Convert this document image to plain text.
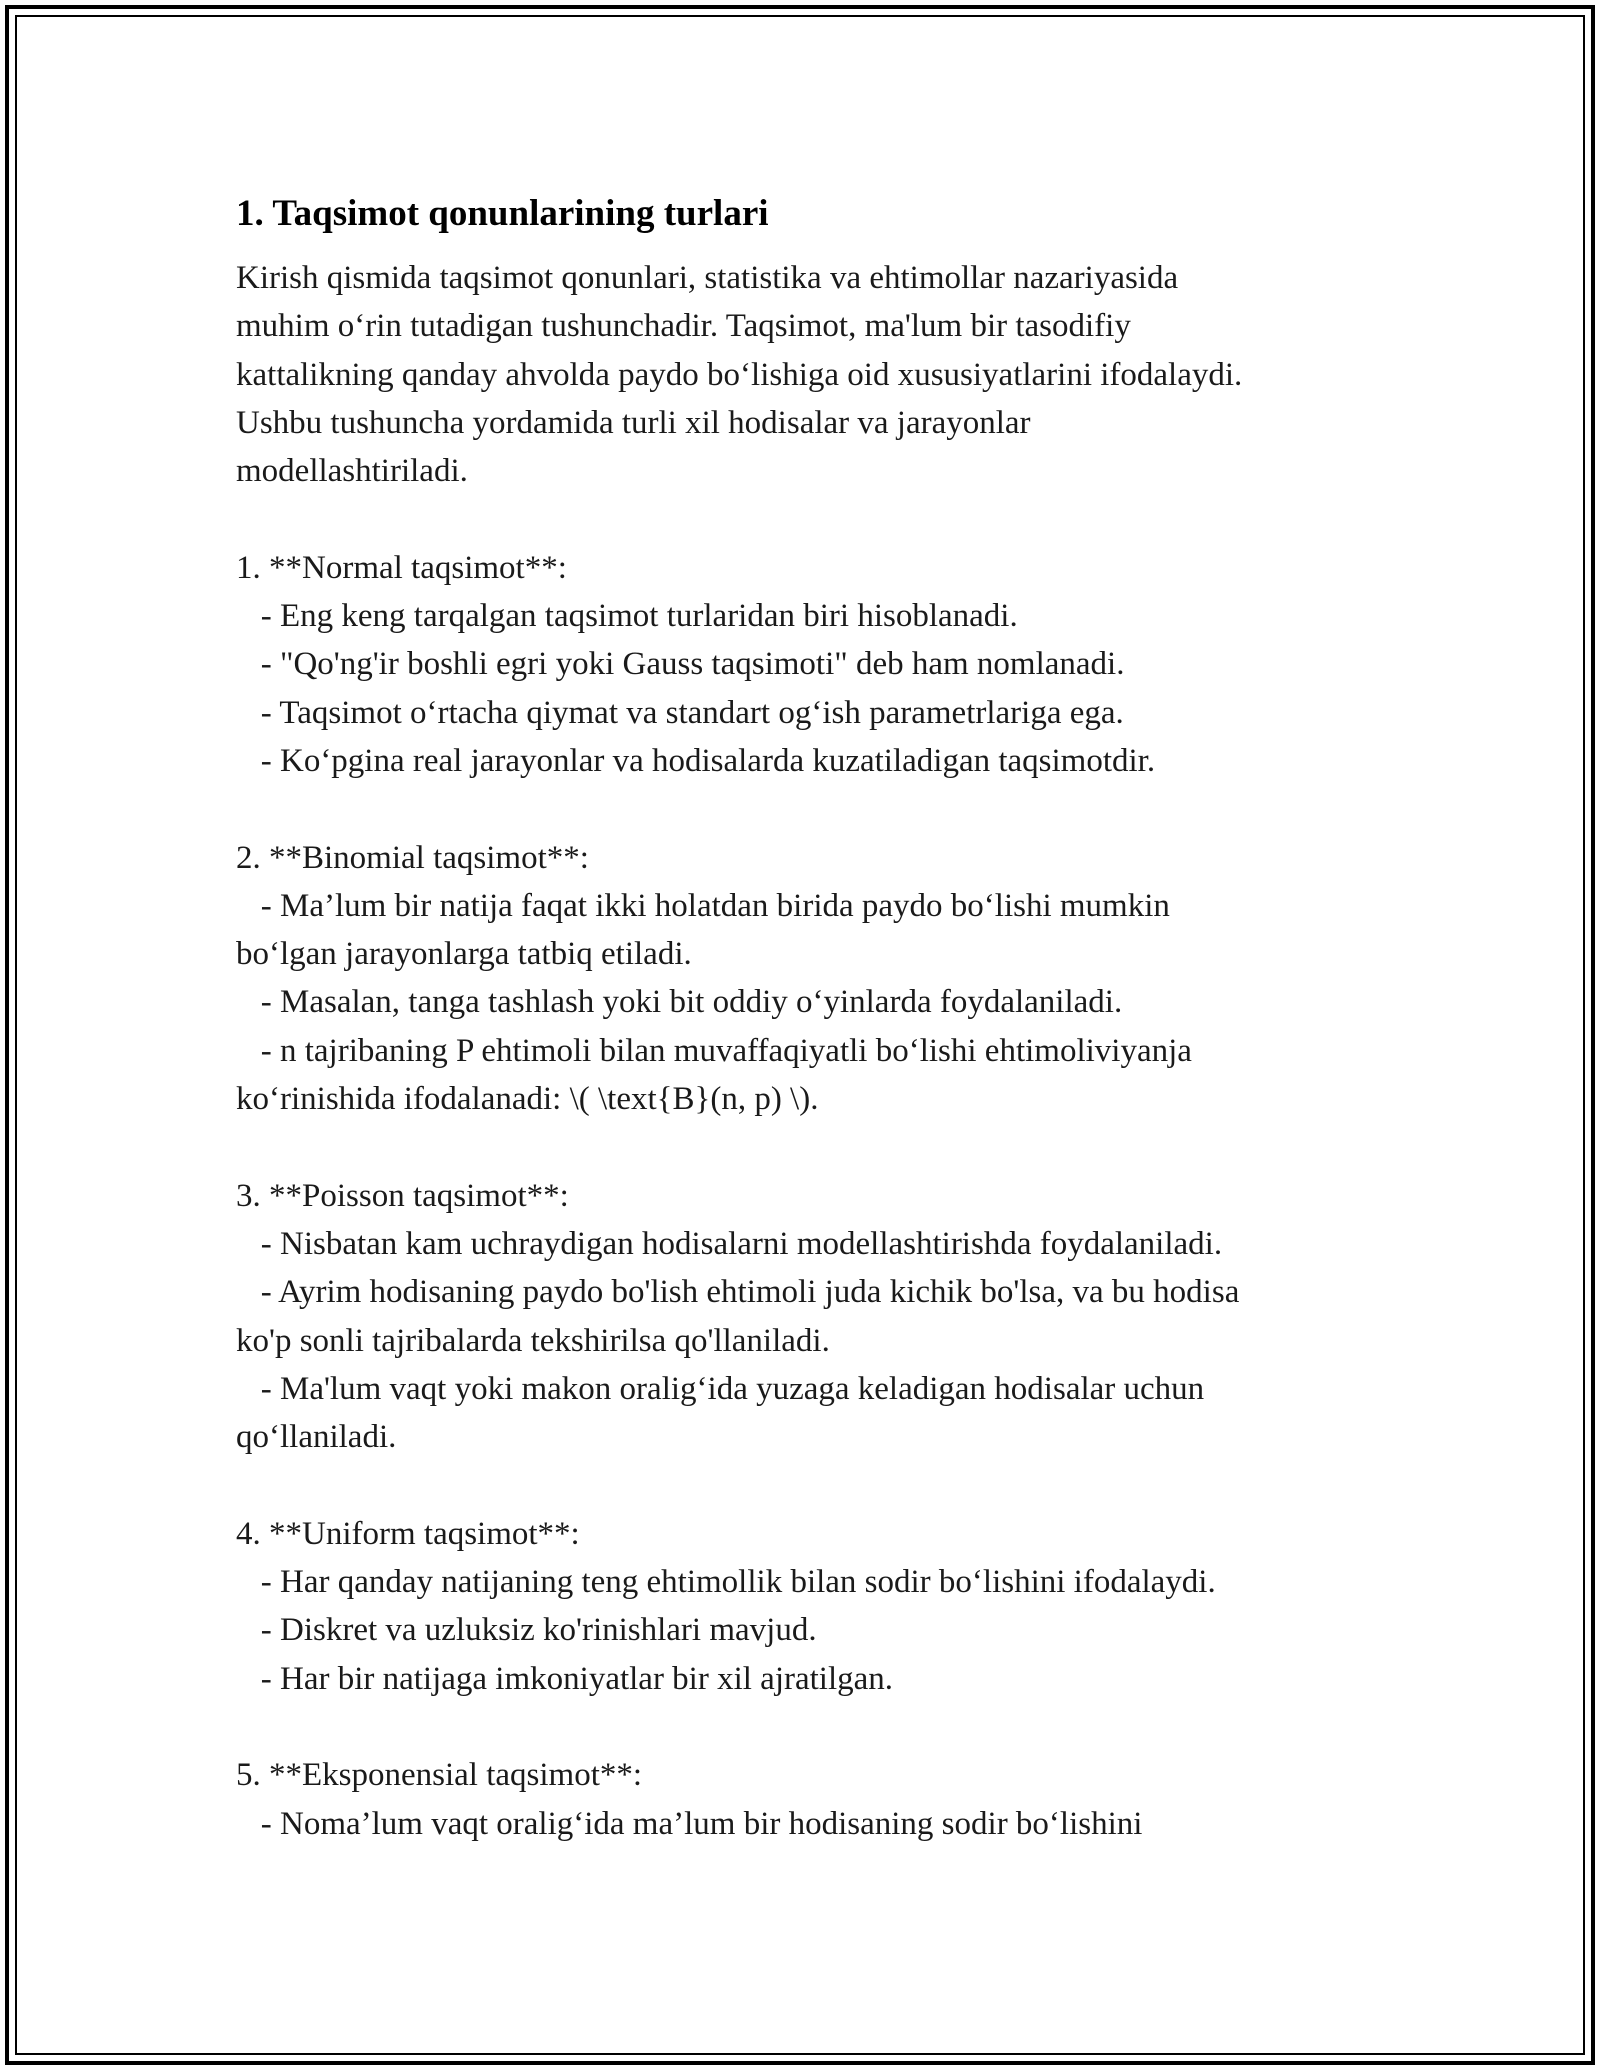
1. Taqsimot qonunlarining turlari
Kirish qismida taqsimot qonunlari, statistika va ehtimollar nazariyasida
muhim o‘rin tutadigan tushunchadir. Taqsimot, ma'lum bir tasodifiy
kattalikning qanday ahvolda paydo bo‘lishiga oid xususiyatlarini ifodalaydi.
Ushbu tushuncha yordamida turli xil hodisalar va jarayonlar
modellashtiriladi.
1. **Normal taqsimot**:
- Eng keng tarqalgan taqsimot turlaridan biri hisoblanadi.
- "Qo'ng'ir boshli egri yoki Gauss taqsimoti" deb ham nomlanadi.
- Taqsimot o‘rtacha qiymat va standart og‘ish parametrlariga ega.
- Ko‘pgina real jarayonlar va hodisalarda kuzatiladigan taqsimotdir.
2. **Binomial taqsimot**:
- Ma’lum bir natija faqat ikki holatdan birida paydo bo‘lishi mumkin
bo‘lgan jarayonlarga tatbiq etiladi.
- Masalan, tanga tashlash yoki bit oddiy o‘yinlarda foydalaniladi.
- n tajribaning P ehtimoli bilan muvaffaqiyatli bo‘lishi ehtimoliviyanja
ko‘rinishida ifodalanadi: \( \text{B}(n, p) \).
3. **Poisson taqsimot**:
- Nisbatan kam uchraydigan hodisalarni modellashtirishda foydalaniladi.
- Ayrim hodisaning paydo bo'lish ehtimoli juda kichik bo'lsa, va bu hodisa
ko'p sonli tajribalarda tekshirilsa qo'llaniladi.
- Ma'lum vaqt yoki makon oralig‘ida yuzaga keladigan hodisalar uchun
qo‘llaniladi.
4. **Uniform taqsimot**:
- Har qanday natijaning teng ehtimollik bilan sodir bo‘lishini ifodalaydi.
- Diskret va uzluksiz ko'rinishlari mavjud.
- Har bir natijaga imkoniyatlar bir xil ajratilgan.
5. **Eksponensial taqsimot**:
- Noma’lum vaqt oralig‘ida ma’lum bir hodisaning sodir bo‘lishini
